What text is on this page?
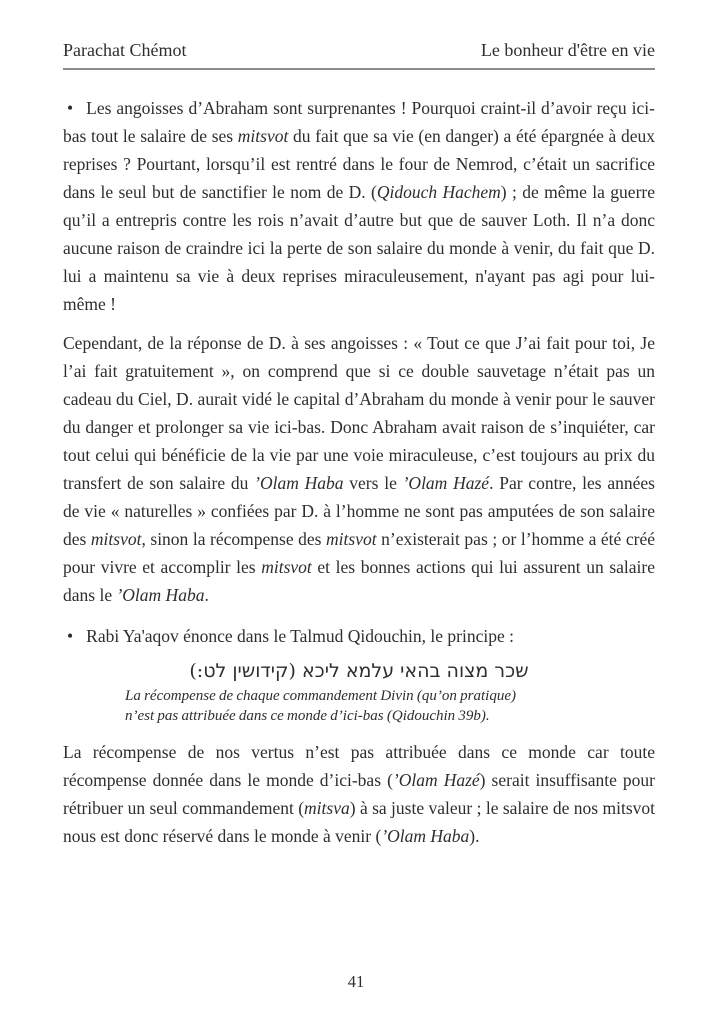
Parachat Chémot	Le bonheur d'être en vie

• Les angoisses d’Abraham sont surprenantes ! Pourquoi craint-il d’avoir reçu ici-bas tout le salaire de ses mitsvot du fait que sa vie (en danger) a été épargnée à deux reprises ? Pourtant, lorsqu’il est rentré dans le four de Nemrod, c’était un sacrifice dans le seul but de sanctifier le nom de D. (Qidouch Hachem) ; de même la guerre qu’il a entrepris contre les rois n’avait d’autre but que de sauver Loth. Il n’a donc aucune raison de craindre ici la perte de son salaire du monde à venir, du fait que D. lui a maintenu sa vie à deux reprises miraculeusement, n'ayant pas agi pour lui-même !

Cependant, de la réponse de D. à ses angoisses : « Tout ce que J’ai fait pour toi, Je l’ai fait gratuitement », on comprend que si ce double sauvetage n’était pas un cadeau du Ciel, D. aurait vidé le capital d’Abraham du monde à venir pour le sauver du danger et prolonger sa vie ici-bas. Donc Abraham avait raison de s’inquiéter, car tout celui qui bénéficie de la vie par une voie miraculeuse, c’est toujours au prix du transfert de son salaire du ’Olam Haba vers le ’Olam Hazé. Par contre, les années de vie « naturelles » confiées par D. à l’homme ne sont pas amputées de son salaire des mitsvot, sinon la récompense des mitsvot n’existerait pas ; or l’homme a été créé pour vivre et accomplir les mitsvot et les bonnes actions qui lui assurent un salaire dans le ’Olam Haba.

• Rabi Ya'aqov énonce dans le Talmud Qidouchin, le principe :

שכר מצוה בהאי עלמא ליכא (קידושין לט:)
La récompense de chaque commandement Divin (qu’on pratique)
n’est pas attribuée dans ce monde d’ici-bas (Qidouchin 39b).

La récompense de nos vertus n’est pas attribuée dans ce monde car toute récompense donnée dans le monde d’ici-bas (’Olam Hazé) serait insuffisante pour rétribuer un seul commandement (mitsva) à sa juste valeur ; le salaire de nos mitsvot nous est donc réservé dans le monde à venir (’Olam Haba).

41
